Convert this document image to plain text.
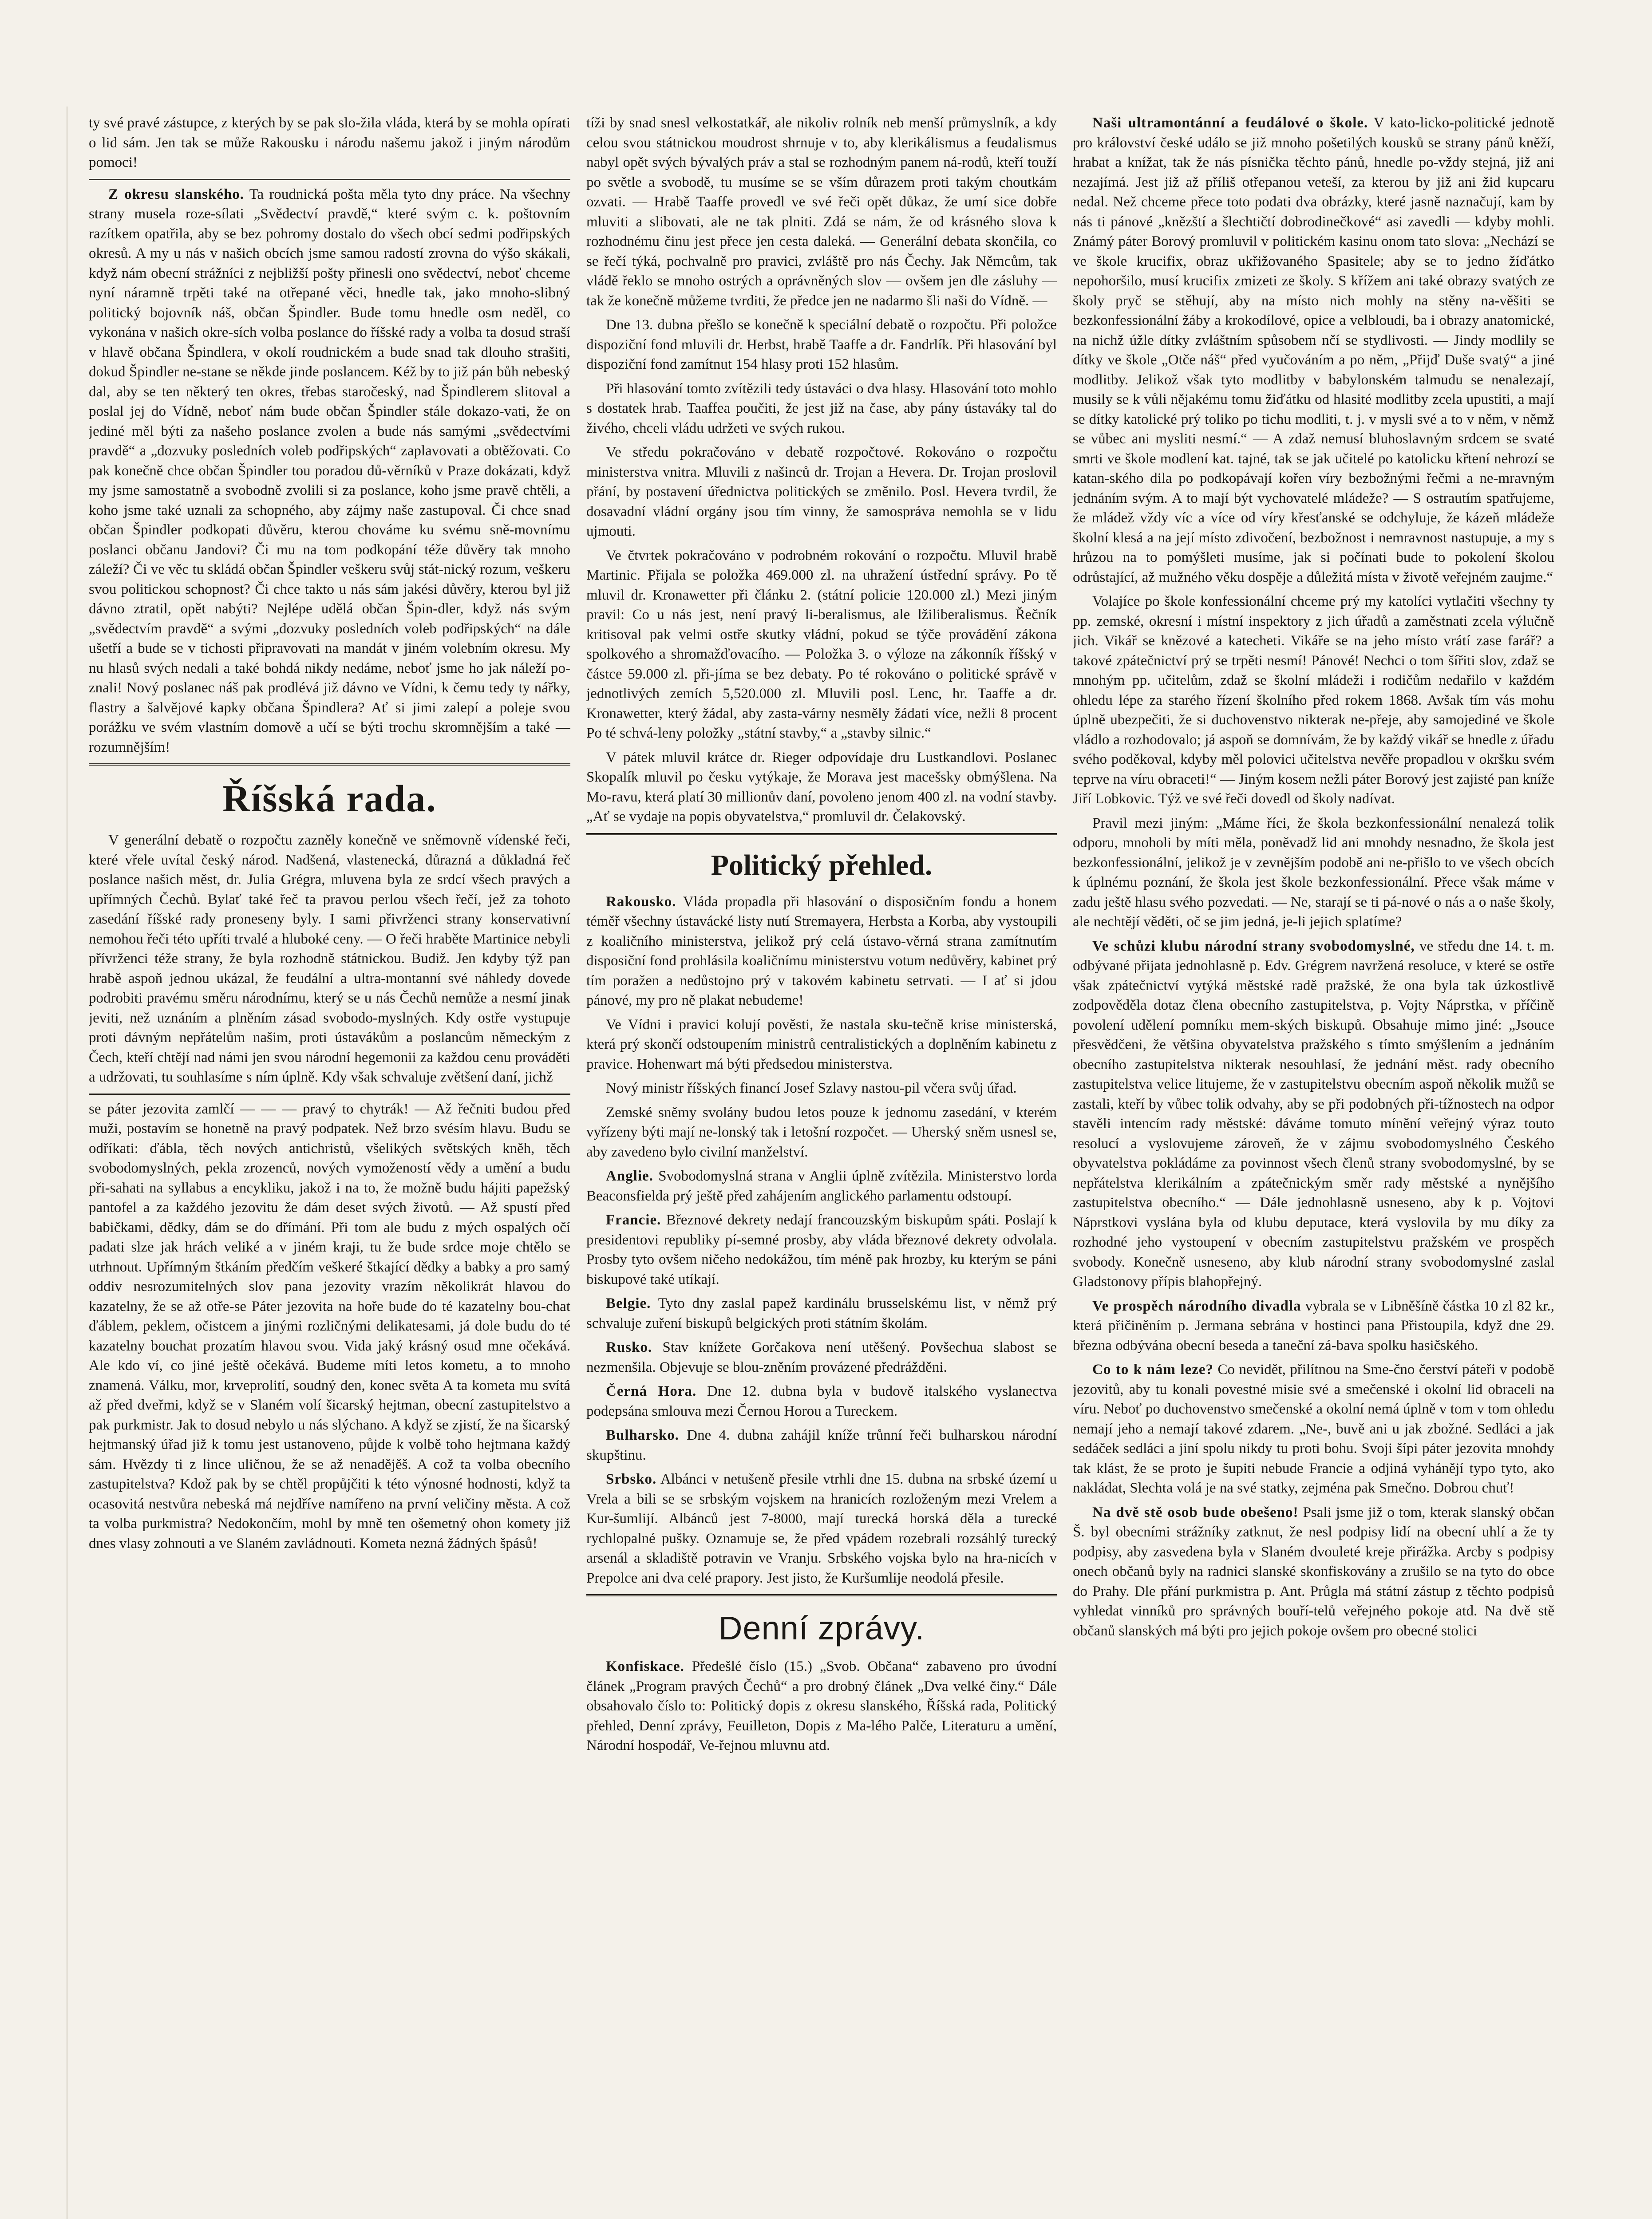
ty své pravé zástupce, z kterých by se pak slo-žila vláda, která by se mohla opírati o lid sám. Jen tak se může Rakousku i národu našemu jakož i jiným národům pomoci!

Z okresu slanského. Ta roudnická pošta měla tyto dny práce. Na všechny strany musela roze-sílati „Svědectví pravdě,“ které svým c. k. poštovním razítkem opatřila, aby se bez pohromy dostalo do všech obcí sedmi podřipských okresů. A my u nás v našich obcích jsme samou radostí zrovna do výšo skákali, když nám obecní strážníci z nejbližší pošty přinesli ono svědectví, neboť chceme nyní náramně trpěti také na otřepané věci, hnedle tak, jako mnoho-slibný politický bojovník náš, občan Špindler. Bude tomu hnedle osm neděl, co vykonána v našich okre-sích volba poslance do říšské rady a volba ta dosud straší v hlavě občana Špindlera, v okolí roudnickém a bude snad tak dlouho strašiti, dokud Špindler ne-stane se někde jinde poslancem. Kéž by to již pán bůh nebeský dal, aby se ten některý ten okres, třebas staročeský, nad Špindlerem slitoval a poslal jej do Vídně, neboť nám bude občan Špindler stále dokazo-vati, že on jediné měl býti za našeho poslance zvolen a bude nás samými „svědectvími pravdě“ a „dozvuky posledních voleb podřipských“ zaplavovati a obtěžovati. Co pak konečně chce občan Špindler tou poradou dů-věrníků v Praze dokázati, když my jsme samostatně a svobodně zvolili si za poslance, koho jsme pravě chtěli, a koho jsme také uznali za schopného, aby zájmy naše zastupoval. Či chce snad občan Špindler podkopati důvěru, kterou chováme ku svému sně-movnímu poslanci občanu Jandovi? Či mu na tom podkopání téže důvěry tak mnoho záleží? Či ve věc tu skládá občan Špindler veškeru svůj stát-nický rozum, veškeru svou politickou schopnost? Či chce takto u nás sám jakési důvěry, kterou byl již dávno ztratil, opět nabýti? Nejlépe udělá občan Špin-dler, když nás svým „svědectvím pravdě“ a svými „dozvuky posledních voleb podřipských“ na dále ušetří a bude se v tichosti připravovati na mandát v jiném volebním okresu. My nu hlasů svých nedali a také bohdá nikdy nedáme, neboť jsme ho jak náleží po-znali! Nový poslanec náš pak prodlévá již dávno ve Vídni, k čemu tedy ty nářky, flastry a šalvějové kapky občana Špindlera? Ať si jimi zalepí a poleje svou porážku ve svém vlastním domově a učí se býti trochu skromnějším a také — rozumnějším!

Říšská rada.

V generální debatě o rozpočtu zazněly konečně ve sněmovně vídenské řeči, které vřele uvítal český národ. Nadšená, vlastenecká, důrazná a důkladná řeč poslance našich měst, dr. Julia Grégra, mluvena byla ze srdcí všech pravých a upřímných Čechů. Bylať také řeč ta pravou perlou všech řečí, jež za tohoto zasedání říšské rady proneseny byly. I sami přivrženci strany konservativní nemohou řeči této upříti trvalé a hluboké ceny. — O řeči hraběte Martinice nebyli přívrženci téže strany, že byla rozhodně státnickou. Budiž. Jen kdyby týž pan hrabě aspoň jednou ukázal, že feudální a ultra-montanní své náhledy dovede podrobiti pravému směru národnímu, který se u nás Čechů nemůže a nesmí jinak jeviti, než uznáním a plněním zásad svobodo-myslných. Kdy ostře vystupuje proti dávným nepřátelům našim, proti ústavákům a poslancům německým z Čech, kteří chtějí nad námi jen svou národní hegemonii za každou cenu prováděti a udržovati, tu souhlasíme s ním úplně. Kdy však schvaluje zvětšení daní, jichž

se páter jezovita zamlčí — — — pravý to chytrák! — Až řečniti budou před muži, postavím se honetně na pravý podpatek. Než brzo svésím hlavu. Budu se odříkati: ďábla, těch nových antichristů, všelikých světských kněh, těch svobodomyslných, pekla zrozenců, nových vymožeností vědy a umění a budu při-sahati na syllabus a encykliku, jakož i na to, že možně budu hájiti papežský pantofel a za každého jezovitu že dám deset svých životů. — Až spustí před babičkami, dědky, dám se do dřímání. Při tom ale budu z mých ospalých očí padati slze jak hrách veliké a v jiném kraji, tu že bude srdce moje chtělo se utrhnout. Upřímným štkáním předčím veškeré štkající dědky a babky a pro samý oddiv nesrozumitelných slov pana jezovity vrazím několikrát hlavou do kazatelny, že se až otře-se Páter jezovita na hoře bude do té kazatelny bou-chat ďáblem, peklem, očistcem a jinými rozličnými delikatesami, já dole budu do té kazatelny bouchat prozatím hlavou svou. Vida jaký krásný osud mne očekává. Ale kdo ví, co jiné ještě očekává. Budeme míti letos kometu, a to mnoho znamená. Válku, mor, krveprolití, soudný den, konec světa A ta kometa mu svítá až před dveřmi, když se v Slaném volí šicarský hejtman, obecní zastupitelstvo a pak purkmistr. Jak to dosud nebylo u nás slýchano. A když se zjistí, že na šicarský hejtmanský úřad již k tomu jest ustanoveno, půjde k volbě toho hejtmana každý sám. Hvězdy ti z lince uličnou, že se až nenadějěš. A což ta volba obecního zastupitelstva? Kdož pak by se chtěl propůjčiti k této výnosné hodnosti, když ta ocasovitá nestvůra nebeská má nejdříve namířeno na první veličiny města. A což ta volba purkmistra? Nedokončím, mohl by mně ten ošemetný ohon komety již dnes vlasy zohnouti a ve Slaném zavládnouti. Kometa nezná žádných špásů!

tíži by snad snesl velkostatkář, ale nikoliv rolník neb menší průmyslník, a kdy celou svou státnickou moudrost shrnuje v to, aby klerikálismus a feudalismus nabyl opět svých bývalých práv a stal se rozhodným panem ná-rodů, kteří touží po světle a svobodě, tu musíme se se vším důrazem proti takým choutkám ozvati. — Hrabě Taaffe provedl ve své řeči opět důkaz, že umí sice dobře mluviti a slibovati, ale ne tak plniti. Zdá se nám, že od krásného slova k rozhodnému činu jest přece jen cesta daleká. — Generální debata skončila, co se řečí týká, pochvalně pro pravici, zvláště pro nás Čechy. Jak Němcům, tak vládě řeklo se mnoho ostrých a oprávněných slov — ovšem jen dle zásluhy — tak že konečně můžeme tvrditi, že předce jen ne nadarmo šli naši do Vídně. —

Dne 13. dubna přešlo se konečně k speciální debatě o rozpočtu. Při položce dispoziční fond mluvili dr. Herbst, hrabě Taaffe a dr. Fandrlík. Při hlasování byl dispoziční fond zamítnut 154 hlasy proti 152 hlasům.

Při hlasování tomto zvítězili tedy ústaváci o dva hlasy. Hlasování toto mohlo s dostatek hrab. Taaffea poučiti, že jest již na čase, aby pány ústaváky tal do živého, chceli vládu udržeti ve svých rukou.

Ve středu pokračováno v debatě rozpočtové. Rokováno o rozpočtu ministerstva vnitra. Mluvili z našinců dr. Trojan a Hevera. Dr. Trojan proslovil přání, by postavení úřednictva politických se změnilo. Posl. Hevera tvrdil, že dosavadní vládní orgány jsou tím vinny, že samospráva nemohla se v lidu ujmouti.

Ve čtvrtek pokračováno v podrobném rokování o rozpočtu. Mluvil hrabě Martinic. Přijala se položka 469.000 zl. na uhražení ústřední správy. Po tě mluvil dr. Kronawetter při článku 2. (státní policie 120.000 zl.) Mezi jiným pravil: Co u nás jest, není pravý li-beralismus, ale lžiliberalismus. Řečník kritisoval pak velmi ostře skutky vládní, pokud se týče provádění zákona spolkového a shromažďovacího. — Položka 3. o výloze na zákonník říšský v částce 59.000 zl. při-jíma se bez debaty. Po té rokováno o politické správě v jednotlivých zemích 5,520.000 zl. Mluvili posl. Lenc, hr. Taaffe a dr. Kronawetter, který žádal, aby zasta-várny nesměly žádati více, nežli 8 procent Po té schvá-leny položky „státní stavby,“ a „stavby silnic.“

V pátek mluvil krátce dr. Rieger odpovídaje dru Lustkandlovi. Poslanec Skopalík mluvil po česku vytýkaje, že Morava jest macešsky obmýšlena. Na Mo-ravu, která platí 30 millionův daní, povoleno jenom 400 zl. na vodní stavby. „Ať se vydaje na popis obyvatelstva,“ promluvil dr. Čelakovský.

Politický přehled.

Rakousko. Vláda propadla při hlasování o disposičním fondu a honem téměř všechny ústavácké listy nutí Stremayera, Herbsta a Korba, aby vystoupili z koaličního ministerstva, jelikož prý celá ústavo-věrná strana zamítnutím disposiční fond prohlásila koaličnímu ministerstvu votum nedůvěry, kabinet prý tím poražen a nedůstojno prý v takovém kabinetu setrvati. — I ať si jdou pánové, my pro ně plakat nebudeme!

Ve Vídni i pravici kolují pověsti, že nastala sku-tečně krise ministerská, která prý skončí odstoupením ministrů centralistických a doplněním kabinetu z pravice. Hohenwart má býti předsedou ministerstva.

Nový ministr říšských financí Josef Szlavy nastou-pil včera svůj úřad.

Zemské sněmy svolány budou letos pouze k jednomu zasedání, v kterém vyřízeny býti mají ne-lonský tak i letošní rozpočet. — Uherský sněm usnesl se, aby zavedeno bylo civilní manželství.

Anglie. Svobodomyslná strana v Anglii úplně zvítězila. Ministerstvo lorda Beaconsfielda prý ještě před zahájením anglického parlamentu odstoupí.

Francie. Březnové dekrety nedají francouzským biskupům spáti. Poslají k presidentovi republiky pí-semné prosby, aby vláda březnové dekrety odvolala. Prosby tyto ovšem ničeho nedokážou, tím méně pak hrozby, ku kterým se páni biskupové také utíkají.

Belgie. Tyto dny zaslal papež kardinálu brusselskému list, v němž prý schvaluje zuření biskupů belgických proti státním školám.

Rusko. Stav knížete Gorčakova není utěšený. Povšechua slabost se nezmenšila. Objevuje se blou-zněním provázené předrážděni.

Černá Hora. Dne 12. dubna byla v budově italského vyslanectva podepsána smlouva mezi Černou Horou a Tureckem.

Bulharsko. Dne 4. dubna zahájil kníže trůnní řeči bulharskou národní skupštinu.

Srbsko. Albánci v netušeně přesile vtrhli dne 15. dubna na srbské území u Vrela a bili se se srbským vojskem na hranicích rozloženým mezi Vrelem a Kur-šumlijí. Albánců jest 7-8000, mají turecká horská děla a turecké rychlopalné pušky. Oznamuje se, že před vpádem rozebrali rozsáhlý turecký arsenál a skladiště potravin ve Vranju. Srbského vojska bylo na hra-nicích v Prepolce ani dva celé prapory. Jest jisto, že Kuršumlije neodolá přesile.

Denní zprávy.

Konfiskace. Předešlé číslo (15.) „Svob. Občana“ zabaveno pro úvodní článek „Program pravých Čechů“ a pro drobný článek „Dva velké činy.“ Dále obsahovalo číslo to: Politický dopis z okresu slanského, Říšská rada, Politický přehled, Denní zprávy, Feuilleton, Dopis z Ma-lého Palče, Literaturu a umění, Národní hospodář, Ve-řejnou mluvnu atd.

Naši ultramontánní a feudálové o škole. V kato-licko-politické jednotě pro království české událo se již mnoho pošetilých kousků se strany pánů kněží, hrabat a knížat, tak že nás písnička těchto pánů, hnedle po-vždy stejná, již ani nezajímá. Jest již až příliš otřepanou veteší, za kterou by již ani žid kupcaru nedal. Než chceme přece toto podati dva obrázky, které jasně naznačují, kam by nás ti pánové „knězští a šlechtičtí dobrodinečkové“ asi zavedli — kdyby mohli. Známý páter Borový promluvil v politickém kasinu onom tato slova: „Nechází se ve škole krucifix, obraz ukřižovaného Spasitele; aby se to jedno žíďátko nepohoršilo, musí krucifix zmizeti ze školy. S křížem ani také obrazy svatých ze školy pryč se stěhují, aby na místo nich mohly na stěny na-věšiti se bezkonfessionální žáby a krokodílové, opice a velbloudi, ba i obrazy anatomické, na nichž úžle dítky zvláštním spůsobem nčí se stydlivosti. — Jindy modlily se dítky ve škole „Otče náš“ před vyučováním a po něm, „Přijď Duše svatý“ a jiné modlitby. Jelikož však tyto modlitby v babylonském talmudu se nenalezají, musily se k vůli nějakému tomu žiďátku od hlasité modlitby zcela upustiti, a mají se dítky katolické prý toliko po tichu modliti, t. j. v mysli své a to v něm, v němž se vůbec ani mysliti nesmí.“ — A zdaž nemusí bluhoslavným srdcem se svaté smrti ve škole modlení kat. tajné, tak se jak učitelé po katolicku křtení nehrozí se katan-ského dila po podkopávají kořen víry bezbožnými řečmi a ne-mravným jednáním svým. A to mají být vychovatelé mládeže? — S ostrautím spatřujeme, že mládež vždy víc a více od víry křesťanské se odchyluje, že kázeň mládeže školní klesá a na její místo zdivočení, bezbožnost i nemravnost nastupuje, a my s hrůzou na to pomýšleti musíme, jak si počínati bude to pokolení školou odrůstající, až mužného věku dospěje a důležitá místa v životě veřejném zaujme.“

Volajíce po škole konfessionální chceme prý my katolíci vytlačiti všechny ty pp. zemské, okresní i místní inspektory z jich úřadů a zaměstnati zcela výlučně jich. Vikář se knězové a katecheti. Vikáře se na jeho místo vrátí zase farář? a takové zpátečnictví prý se trpěti nesmí! Pánové! Nechci o tom šířiti slov, zdaž se mnohým pp. učitelům, zdaž se školní mládeži i rodičům nedařilo v každém ohledu lépe za starého řízení školního před rokem 1868. Avšak tím vás mohu úplně ubezpečiti, že si duchovenstvo nikterak ne-přeje, aby samojediné ve škole vládlo a rozhodovalo; já aspoň se domnívám, že by každý vikář se hnedle z úřadu svého poděkoval, kdyby měl polovici učitelstva nevěře propadlou v okršku svém teprve na víru obraceti!“ — Jiným kosem nežli páter Borový jest zajisté pan kníže Jiří Lobkovic. Týž ve své řeči dovedl od školy nadívat.

Pravil mezi jiným: „Máme říci, že škola bezkonfessionální nenalezá tolik odporu, mnoholi by míti měla, poněvadž lid ani mnohdy nesnadno, že škola jest bezkonfessionální, jelikož je v zevnějším podobě ani ne-přišlo to ve všech obcích k úplnému poznání, že škola jest škole bezkonfessionální. Přece však máme v zadu ještě hlasu svého pozvedati. — Ne, starají se ti pá-nové o nás a o naše školy, ale nechtějí věděti, oč se jim jedná, je-li jejich splatíme?

Ve schůzi klubu národní strany svobodomyslné, ve středu dne 14. t. m. odbývané přijata jednohlasně p. Edv. Grégrem navržená resoluce, v které se ostře však zpátečnictví vytýká městské radě pražské, že ona byla tak úzkostlivě zodpověděla dotaz člena obecního zastupitelstva, p. Vojty Náprstka, v příčině povolení udělení pomníku mem-ských biskupů. Obsahuje mimo jiné: „Jsouce přesvědčeni, že většina obyvatelstva pražského s tímto smýšlením a jednáním obecního zastupitelstva nikterak nesouhlasí, že jednání měst. rady obecního zastupitelstva velice litujeme, že v zastupitelstvu obecním aspoň několik mužů se zastali, kteří by vůbec tolik odvahy, aby se při podobných při-tížnostech na odpor stavěli intencím rady městské: dáváme tomuto mínění veřejný výraz touto resolucí a vyslovujeme zároveň, že v zájmu svobodomyslného Českého obyvatelstva pokládáme za povinnost všech členů strany svobodomyslné, by se nepřátelstva klerikálním a zpátečnickým směr rady městské a nynějšího zastupitelstva obecního.“ — Dále jednohlasně usneseno, aby k p. Vojtovi Náprstkovi vyslána byla od klubu deputace, která vyslovila by mu díky za rozhodné jeho vystoupení v obecním zastupitelstvu pražském ve prospěch svobody. Konečně usneseno, aby klub národní strany svobodomyslné zaslal Gladstonovy přípis blahopřejný.

Ve prospěch národního divadla vybrala se v Libněšíně částka 10 zl 82 kr., která přičiněním p. Jermana sebrána v hostinci pana Přistoupila, když dne 29. března odbývána obecní beseda a taneční zá-bava spolku hasičského.

Co to k nám leze? Co nevidět, přilítnou na Sme-čno čerství páteři v podobě jezovitů, aby tu konali povestné misie své a smečenské i okolní lid obraceli na víru. Neboť po duchovenstvo smečenské a okolní nemá úplně v tom v tom ohledu nemají jeho a nemají takové zdarem. „Ne-, buvě ani u jak zbožné. Sedláci a jak sedáček sedláci a jiní spolu nikdy tu proti bohu. Svoji šípi páter jezovita mnohdy tak klást, že se proto je šupiti nebude Francie a odjiná vyhánějí typo tyto, ako nakládat, Slechta volá je na své statky, zejména pak Smečno. Dobrou chuť!

Na dvě stě osob bude obešeno! Psali jsme již o tom, kterak slanský občan Š. byl obecními strážníky zatknut, že nesl podpisy lidí na obecní uhlí a že ty podpisy, aby zasvedena byla v Slaném dvouleté kreje přirážka. Arcby s podpisy onech občanů byly na radnici slanské skonfiskovány a zrušilo se na tyto do obce do Prahy. Dle přání purkmistra p. Ant. Průgla má státní zástup z těchto podpisů vyhledat vinníků pro správných bouří-telů veřejného pokoje atd. Na dvě stě občanů slanských má býti pro jejich pokoje ovšem pro obecné stolici
